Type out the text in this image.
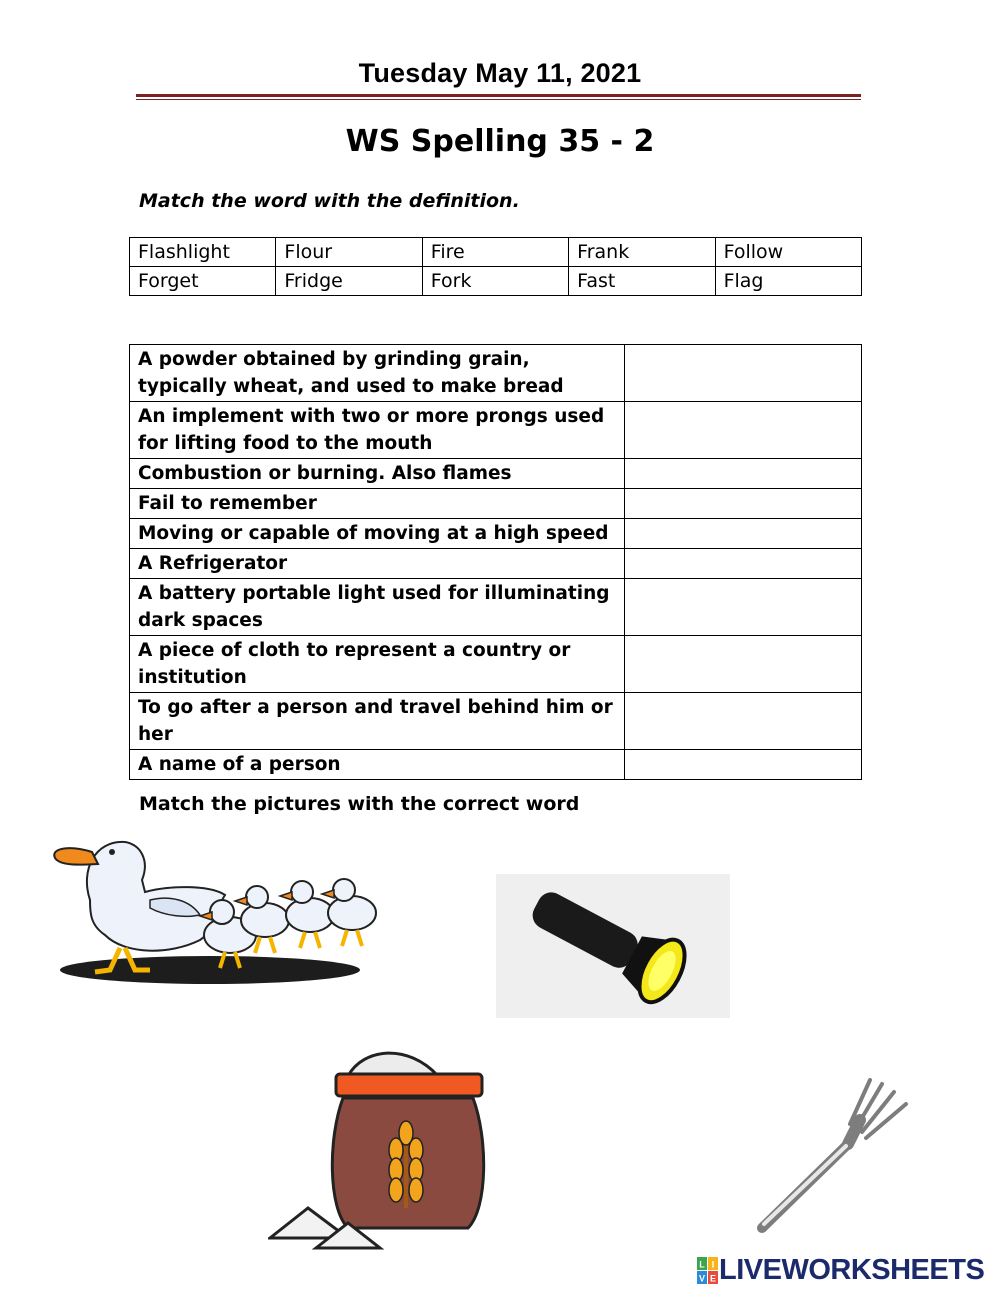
Tuesday May 11, 2021
WS Spelling 35 - 2
Match the word with the definition.
Flashlight	Flour	Fire	Frank	Follow
Forget	Fridge	Fork	Fast	Flag
A powder obtained by grinding grain, typically wheat, and used to make bread	
An implement with two or more prongs used for lifting food to the mouth	
Combustion or burning. Also flames	
Fail to remember	
Moving or capable of moving at a high speed	
A Refrigerator	
A battery portable light used for illuminating dark spaces	
A piece of cloth to represent a country or institution	
To go after a person and travel behind him or her	
A name of a person	
Match the pictures with the correct word
L I
V E LIVEWORKSHEETS
